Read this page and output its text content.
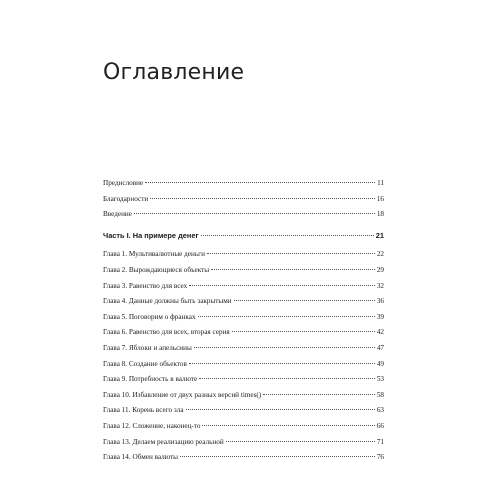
Оглавление
Предисловие	11
Благодарности	16
Введение	18
Часть I. На примере денег	21
Глава 1. Мультивалютные деньги	22
Глава 2. Вырождающиеся объекты	29
Глава 3. Равенство для всех	32
Глава 4. Данные должны быть закрытыми	36
Глава 5. Поговорим о франках	39
Глава 6. Равенство для всех, вторая серия	42
Глава 7. Яблоки и апельсины	47
Глава 8. Создание объектов	49
Глава 9. Потребность в валюте	53
Глава 10. Избавление от двух разных версий times()	58
Глава 11. Корень всего зла	63
Глава 12. Сложение, наконец-то	66
Глава 13. Делаем реализацию реальной	71
Глава 14. Обмен валюты	76
